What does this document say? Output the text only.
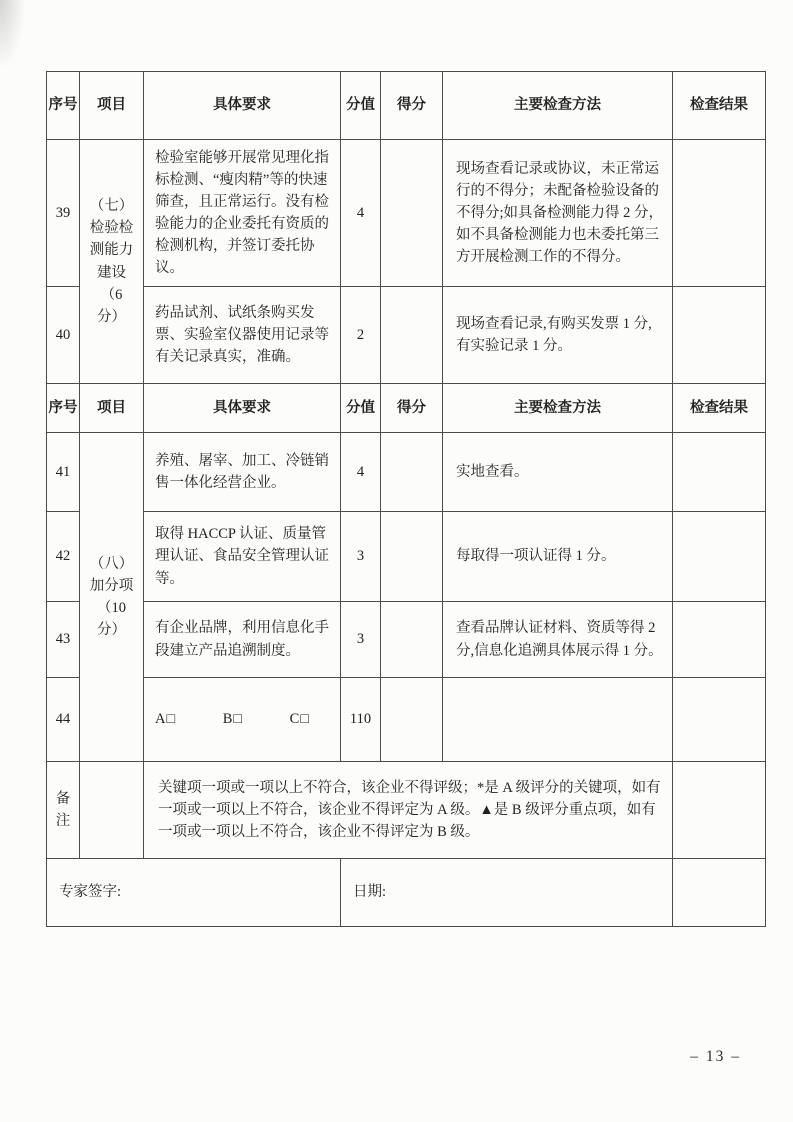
序号	项目	具体要求	分值	得分	主要检查方法	检查结果
39	（七）检验检测能力建设（6 分）	检验室能够开展常见理化指标检测、“瘦肉精”等的快速筛查，且正常运行。没有检验能力的企业委托有资质的检测机构，并签订委托协议。	4		现场查看记录或协议，未正常运行的不得分；未配备检验设备的不得分;如具备检测能力得 2 分，如不具备检测能力也未委托第三方开展检测工作的不得分。	
40		药品试剂、试纸条购买发票、实验室仪器使用记录等有关记录真实，准确。	2		现场查看记录,有购买发票 1 分,有实验记录 1 分。	
序号	项目	具体要求	分值	得分	主要检查方法	检查结果
41	（八）加分项（10 分）	养殖、屠宰、加工、冷链销售一体化经营企业。	4		实地查看。	
42		取得 HACCP 认证、质量管理认证、食品安全管理认证等。	3		每取得一项认证得 1 分。	
43		有企业品牌，利用信息化手段建立产品追溯制度。	3		查看品牌认证材料、资质等得 2 分,信息化追溯具体展示得 1 分。	
44		A□　　　B□　　　C□	110			
备注		关键项一项或一项以上不符合，该企业不得评级；*是 A 级评分的关键项，如有一项或一项以上不符合，该企业不得评定为 A 级。▲是 B 级评分重点项，如有一项或一项以上不符合，该企业不得评定为 B 级。				
专家签字:			日期:			
– 13 –
